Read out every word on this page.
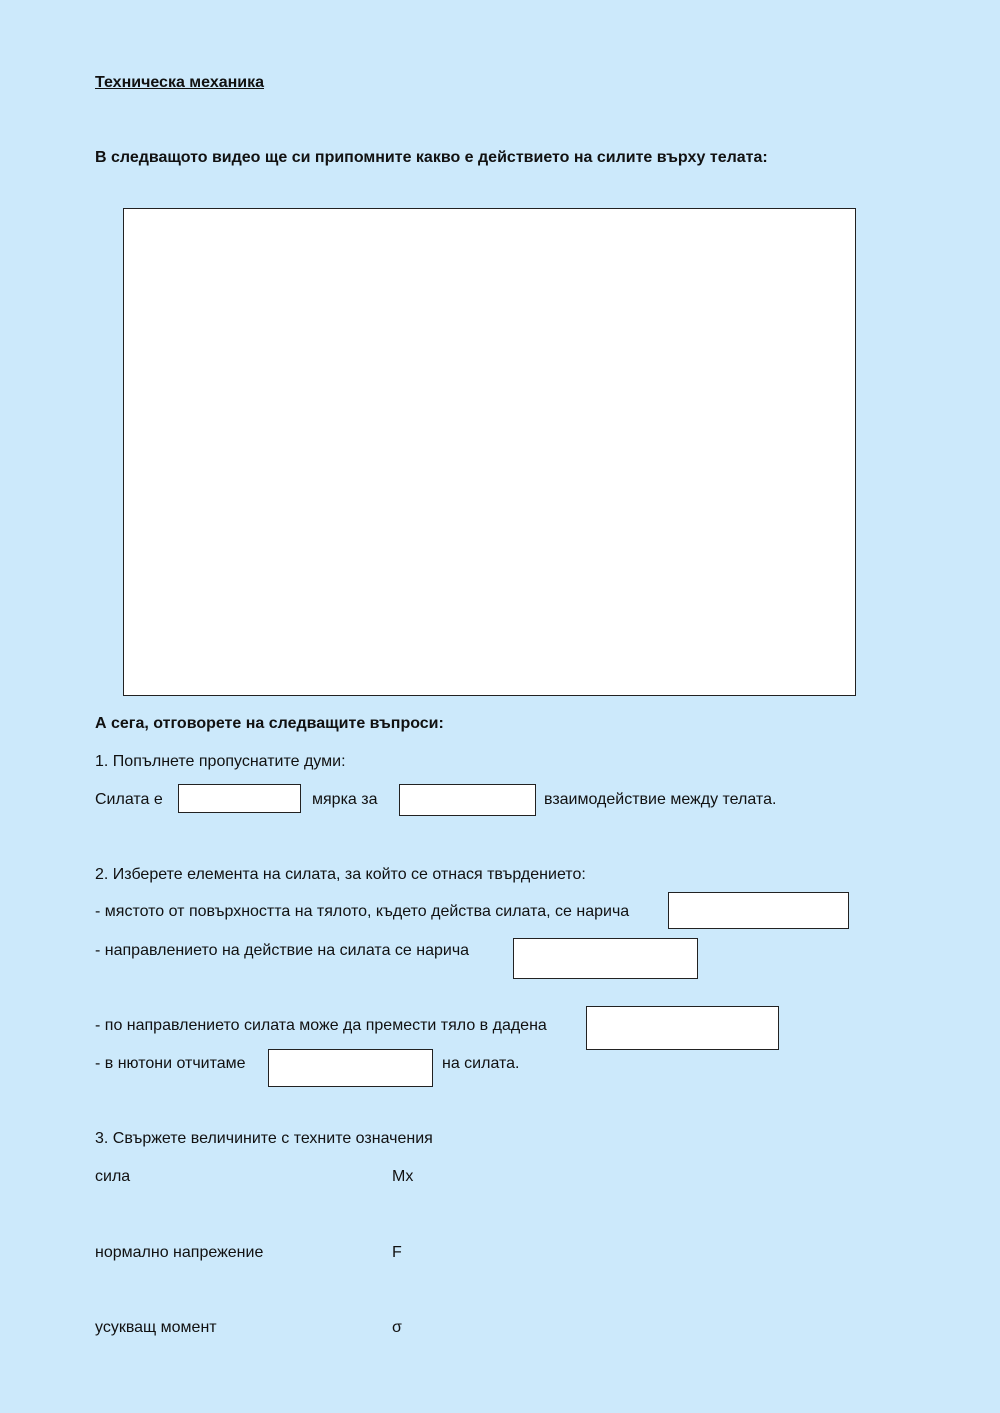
Техническа механика
В следващото видео ще си припомните какво е действието на силите върху телата:
А сега, отговорете на следващите въпроси:
1. Попълнете пропуснатите думи:
Силата е	мярка за	взаимодействие между телата.
2. Изберете елемента на силата, за който се отнася твърдението:
- мястото от повърхността на тялото, където действа силата, се нарича
- направлението на действие на силата се нарича
- по направлението силата може да премести тяло в дадена
- в нютони отчитаме	на силата.
3. Свържете величините с техните означения
сила	Mx
нормално напрежение	F
усукващ момент	σ
